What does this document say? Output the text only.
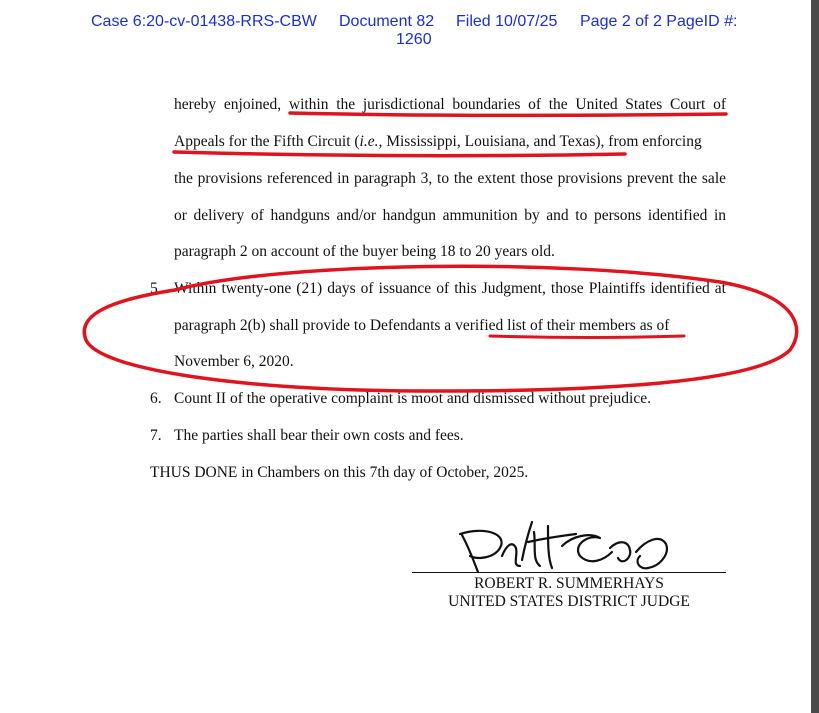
Case 6:20-cv-01438-RRS-CBW Document 82 Filed 10/07/25 Page 2 of 2 PageID #:
1260
hereby enjoined, within the jurisdictional boundaries of the United States Court of
Appeals for the Fifth Circuit (i.e., Mississippi, Louisiana, and Texas), from enforcing
the provisions referenced in paragraph 3, to the extent those provisions prevent the sale
or delivery of handguns and/or handgun ammunition by and to persons identified in
paragraph 2 on account of the buyer being 18 to 20 years old.
5. Within twenty-one (21) days of issuance of this Judgment, those Plaintiffs identified at
paragraph 2(b) shall provide to Defendants a verified list of their members as of
November 6, 2020.
6. Count II of the operative complaint is moot and dismissed without prejudice.
7. The parties shall bear their own costs and fees.
THUS DONE in Chambers on this 7th day of October, 2025.
ROBERT R. SUMMERHAYS
UNITED STATES DISTRICT JUDGE
